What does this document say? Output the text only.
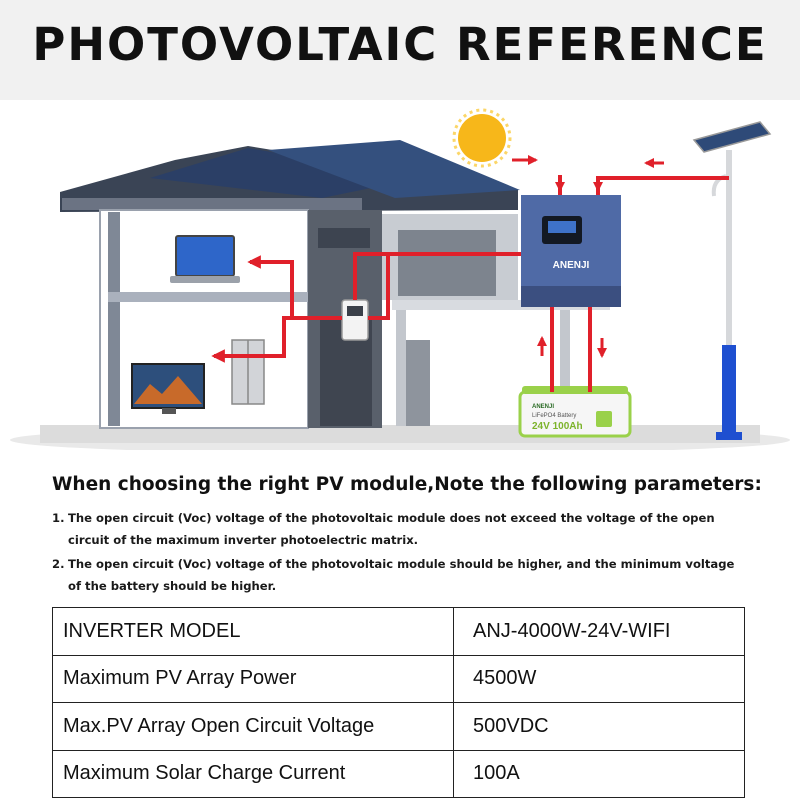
PHOTOVOLTAIC REFERENCE
ANENJI
ANENJI
LiFePO4 Battery
24V 100Ah
When choosing the right PV module,Note the following parameters:
1. The open circuit (Voc) voltage of the photovoltaic module does not exceed the voltage of the open
circuit of the maximum inverter photoelectric matrix.
2. The open circuit (Voc) voltage of the photovoltaic module should be higher, and the minimum voltage
of the battery should be higher.
INVERTER MODEL	ANJ-4000W-24V-WIFI
Maximum PV Array Power	4500W
Max.PV Array Open Circuit Voltage	500VDC
Maximum Solar Charge Current	100A
